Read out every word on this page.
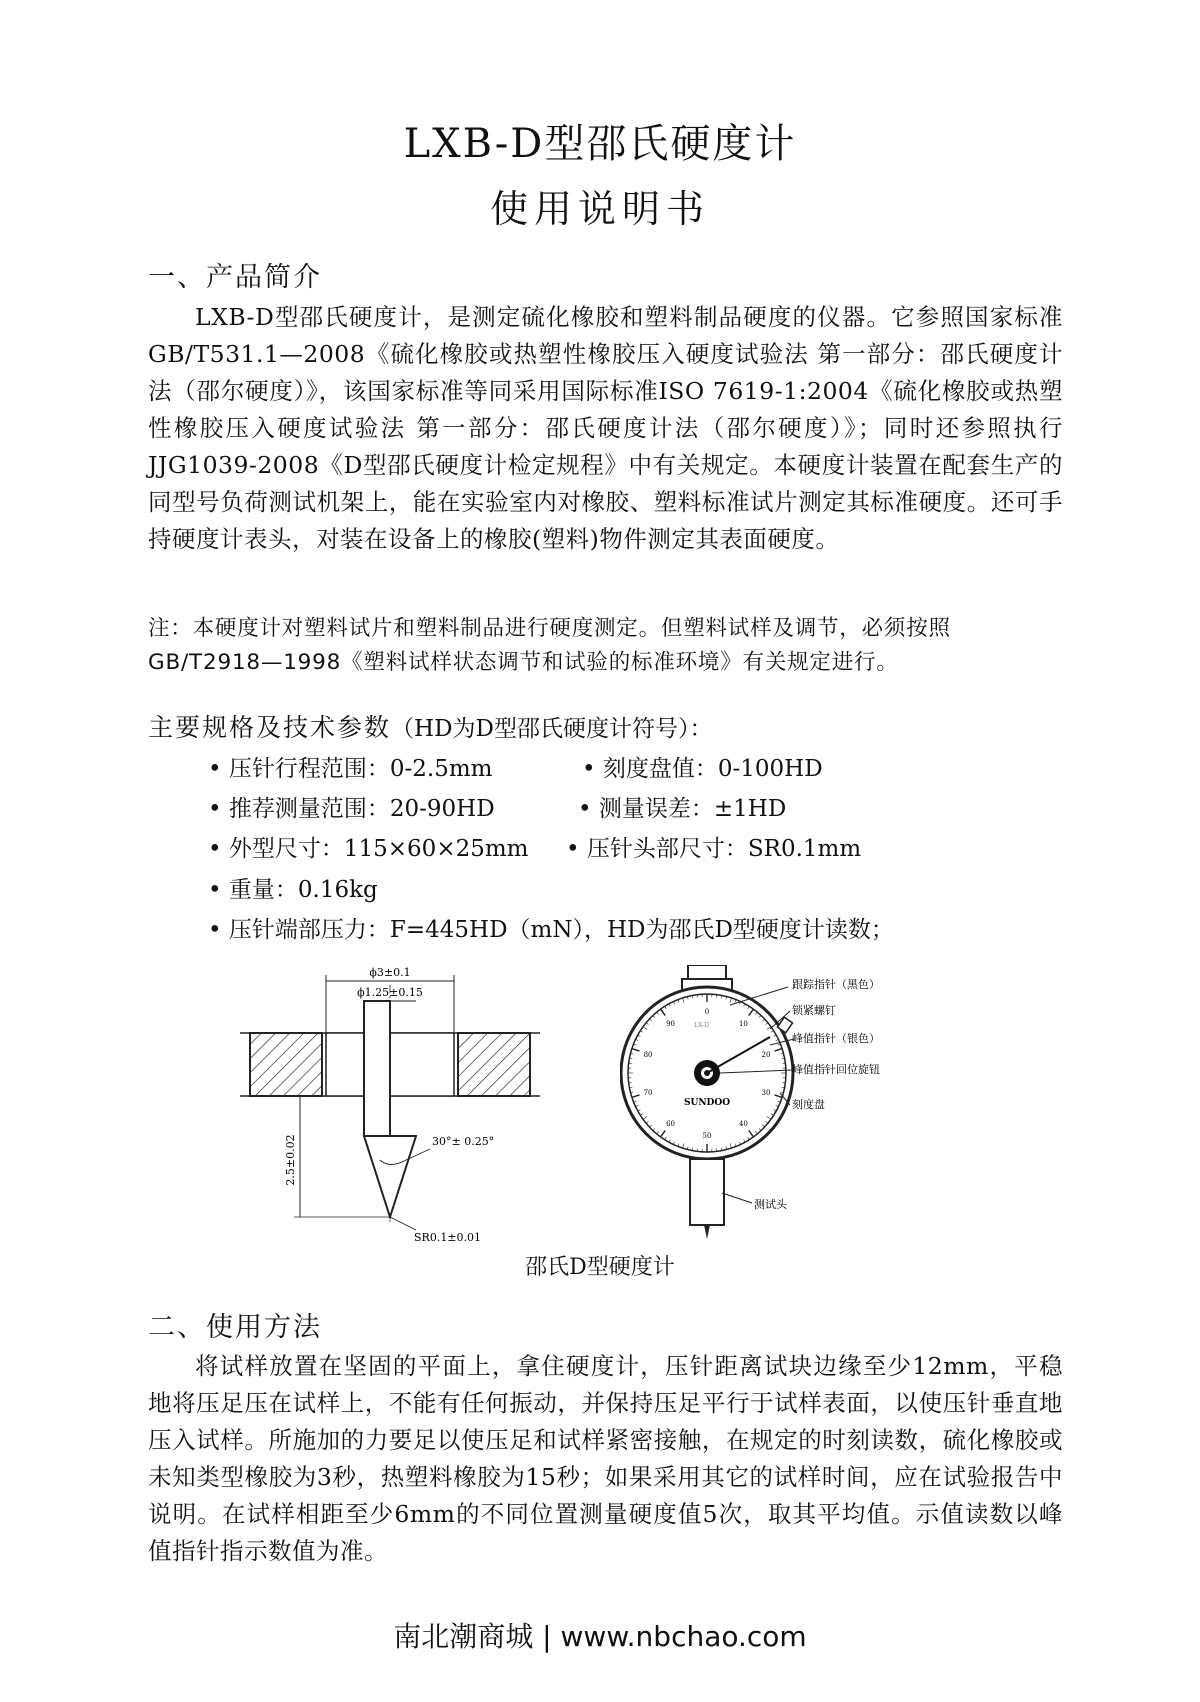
LXB-D型邵氏硬度计
使用说明书
一、产品简介
LXB-D型邵氏硬度计，是测定硫化橡胶和塑料制品硬度的仪器。它参照国家标准GB/T531.1—2008《硫化橡胶或热塑性橡胶压入硬度试验法 第一部分：邵氏硬度计法（邵尔硬度）》，该国家标准等同采用国际标准ISO 7619-1:2004《硫化橡胶或热塑性橡胶压入硬度试验法 第一部分：邵氏硬度计法（邵尔硬度）》；同时还参照执行JJG1039-2008《D型邵氏硬度计检定规程》中有关规定。本硬度计装置在配套生产的同型号负荷测试机架上，能在实验室内对橡胶、塑料标准试片测定其标准硬度。还可手持硬度计表头，对装在设备上的橡胶(塑料)物件测定其表面硬度。
注：本硬度计对塑料试片和塑料制品进行硬度测定。但塑料试样及调节，必须按照GB/T2918—1998《塑料试样状态调节和试验的标准环境》有关规定进行。
主要规格及技术参数（HD为D型邵氏硬度计符号）：
• 压针行程范围：0-2.5mm	• 刻度盘值：0-100HD
• 推荐测量范围：20-90HD	• 测量误差：±1HD
• 外型尺寸：115×60×25mm • 压针头部尺寸：SR0.1mm
• 重量：0.16kg
• 压针端部压力：F=445HD（mN），HD为邵氏D型硬度计读数；
ϕ3±0.1
ϕ1.25±0.15
2.5±0.02	30°± 0.25°
SR0.1±0.01
0
10
20
30
40
50
60
70
80
90	LX-D
SUNDOO
跟踪指针（黑色）
锁紧螺钉
峰值指针（银色）
峰值指针回位旋钮
刻度盘
测试头
邵氏D型硬度计
二、使用方法
将试样放置在坚固的平面上，拿住硬度计，压针距离试块边缘至少12mm，平稳地将压足压在试样上，不能有任何振动，并保持压足平行于试样表面，以使压针垂直地压入试样。所施加的力要足以使压足和试样紧密接触，在规定的时刻读数，硫化橡胶或未知类型橡胶为3秒，热塑料橡胶为15秒；如果采用其它的试样时间，应在试验报告中说明。在试样相距至少6mm的不同位置测量硬度值5次，取其平均值。示值读数以峰值指针指示数值为准。
南北潮商城 | www.nbchao.com
